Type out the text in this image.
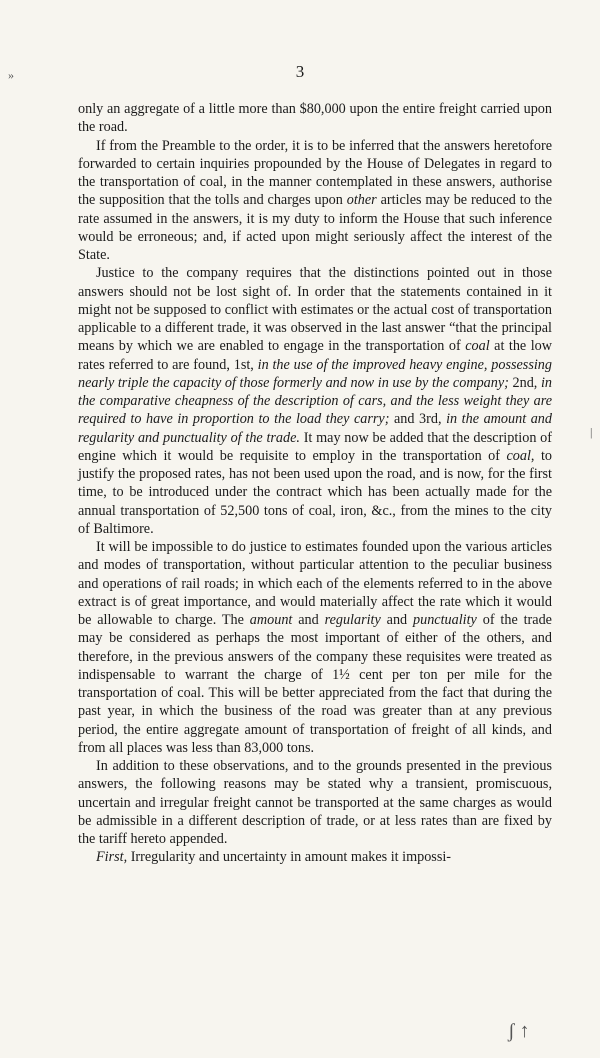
3
»
|
ʃ ↑

only an aggregate of a little more than $80,000 upon the entire freight carried upon the road.

If from the Preamble to the order, it is to be inferred that the answers heretofore forwarded to certain inquiries propounded by the House of Delegates in regard to the transportation of coal, in the manner contemplated in these answers, authorise the supposition that the tolls and charges upon other articles may be reduced to the rate assumed in the answers, it is my duty to inform the House that such inference would be erroneous; and, if acted upon might seriously affect the interest of the State.

Justice to the company requires that the distinctions pointed out in those answers should not be lost sight of. In order that the statements contained in it might not be supposed to conflict with estimates or the actual cost of transportation applicable to a different trade, it was observed in the last answer “that the principal means by which we are enabled to engage in the transportation of coal at the low rates referred to are found, 1st, in the use of the improved heavy engine, possessing nearly triple the capacity of those formerly and now in use by the company; 2nd, in the comparative cheapness of the description of cars, and the less weight they are required to have in proportion to the load they carry; and 3rd, in the amount and regularity and punctuality of the trade. It may now be added that the description of engine which it would be requisite to employ in the transportation of coal, to justify the proposed rates, has not been used upon the road, and is now, for the first time, to be introduced under the contract which has been actually made for the annual transportation of 52,500 tons of coal, iron, &c., from the mines to the city of Baltimore.

It will be impossible to do justice to estimates founded upon the various articles and modes of transportation, without particular attention to the peculiar business and operations of rail roads; in which each of the elements referred to in the above extract is of great importance, and would materially affect the rate which it would be allowable to charge. The amount and regularity and punctuality of the trade may be considered as perhaps the most important of either of the others, and therefore, in the previous answers of the company these requisites were treated as indispensable to warrant the charge of 1½ cent per ton per mile for the transportation of coal. This will be better appreciated from the fact that during the past year, in which the business of the road was greater than at any previous period, the entire aggregate amount of transportation of freight of all kinds, and from all places was less than 83,000 tons.

In addition to these observations, and to the grounds presented in the previous answers, the following reasons may be stated why a transient, promiscuous, uncertain and irregular freight cannot be transported at the same charges as would be admissible in a different description of trade, or at less rates than are fixed by the tariff hereto appended.

First, Irregularity and uncertainty in amount makes it impossi-
